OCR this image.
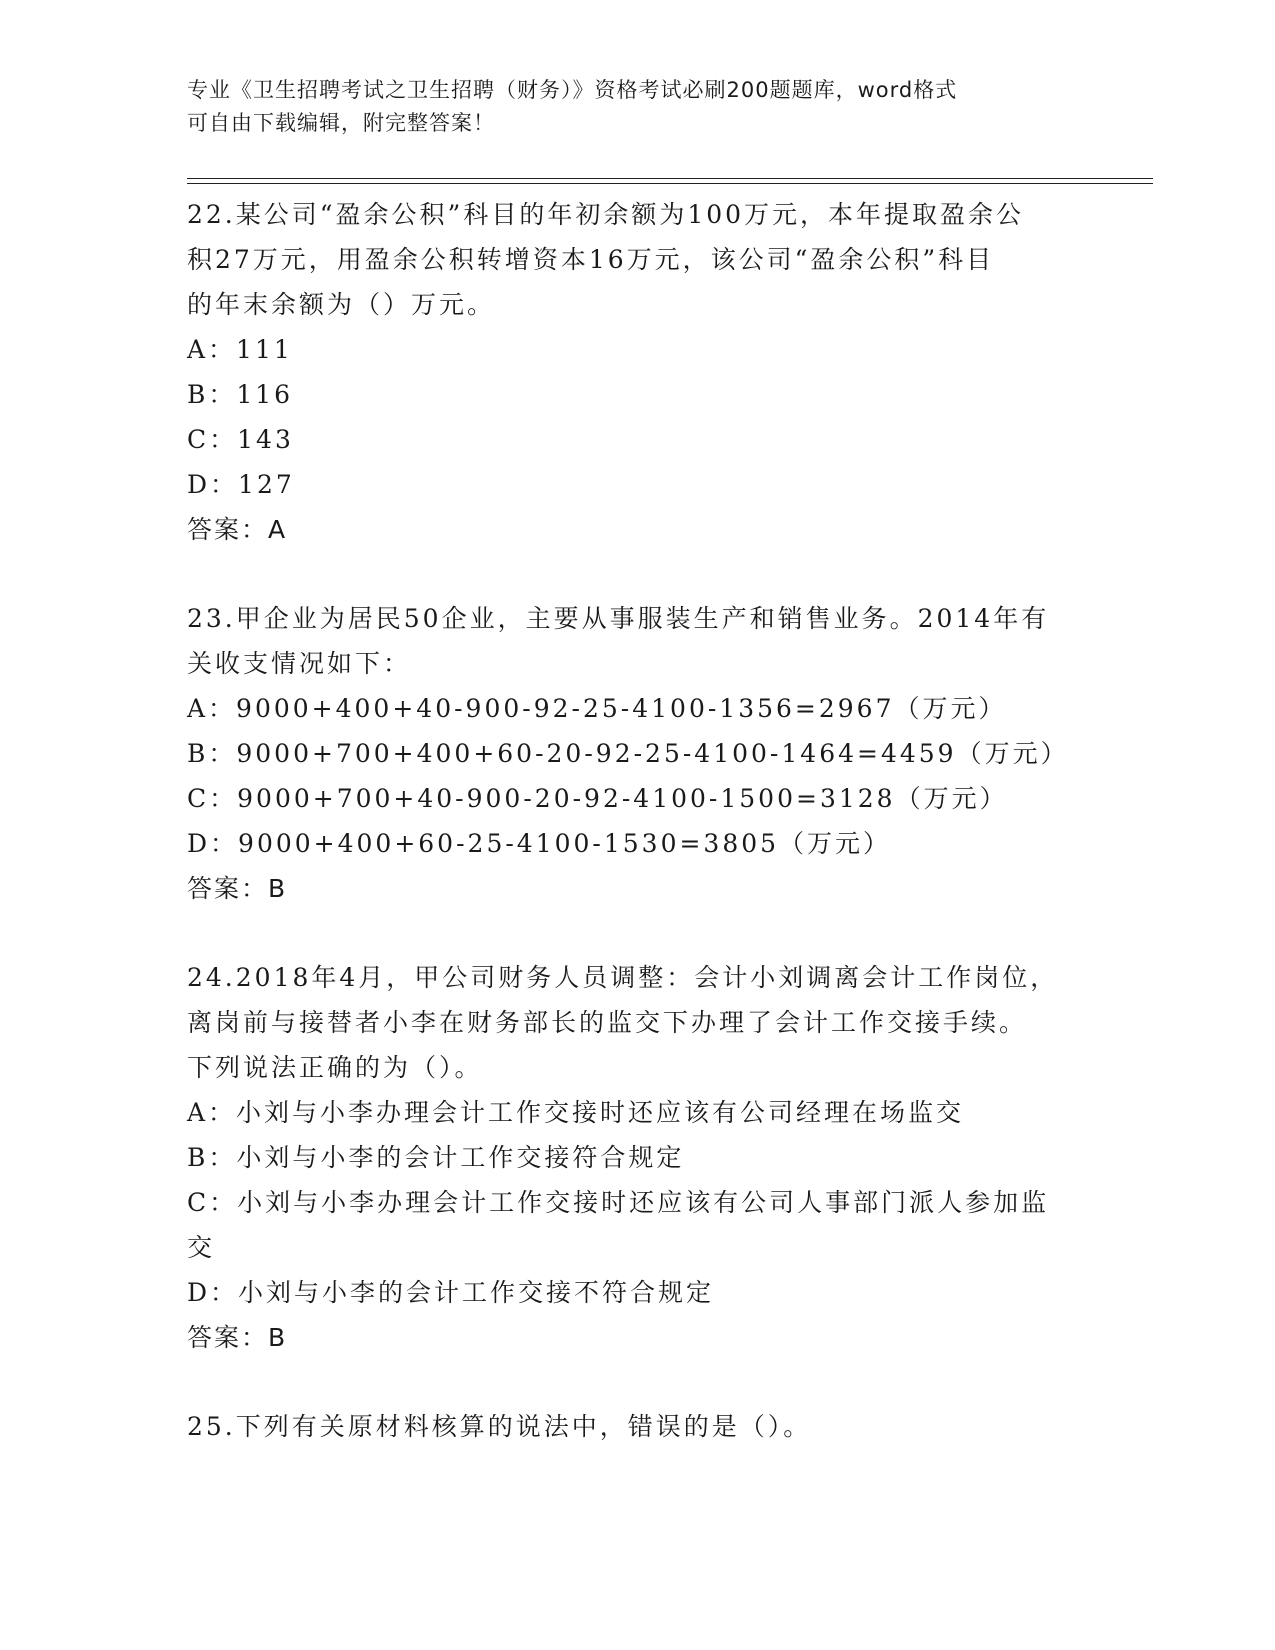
专业《卫生招聘考试之卫生招聘（财务）》资格考试必刷200题题库，word格式
可自由下载编辑，附完整答案！
22.某公司“盈余公积”科目的年初余额为100万元，本年提取盈余公
积27万元，用盈余公积转增资本16万元，该公司“盈余公积”科目
的年末余额为（）万元。
A：111
B：116
C：143
D：127
答案：A
23.甲企业为居民50企业，主要从事服装生产和销售业务。2014年有
关收支情况如下：
A：9000+400+40-900-92-25-4100-1356=2967（万元）
B：9000+700+400+60-20-92-25-4100-1464=4459（万元）
C：9000+700+40-900-20-92-4100-1500=3128（万元）
D：9000+400+60-25-4100-1530=3805（万元）
答案：B
24.2018年4月，甲公司财务人员调整：会计小刘调离会计工作岗位，
离岗前与接替者小李在财务部长的监交下办理了会计工作交接手续。
下列说法正确的为（）。
A：小刘与小李办理会计工作交接时还应该有公司经理在场监交
B：小刘与小李的会计工作交接符合规定
C：小刘与小李办理会计工作交接时还应该有公司人事部门派人参加监
交
D：小刘与小李的会计工作交接不符合规定
答案：B
25.下列有关原材料核算的说法中，错误的是（）。
